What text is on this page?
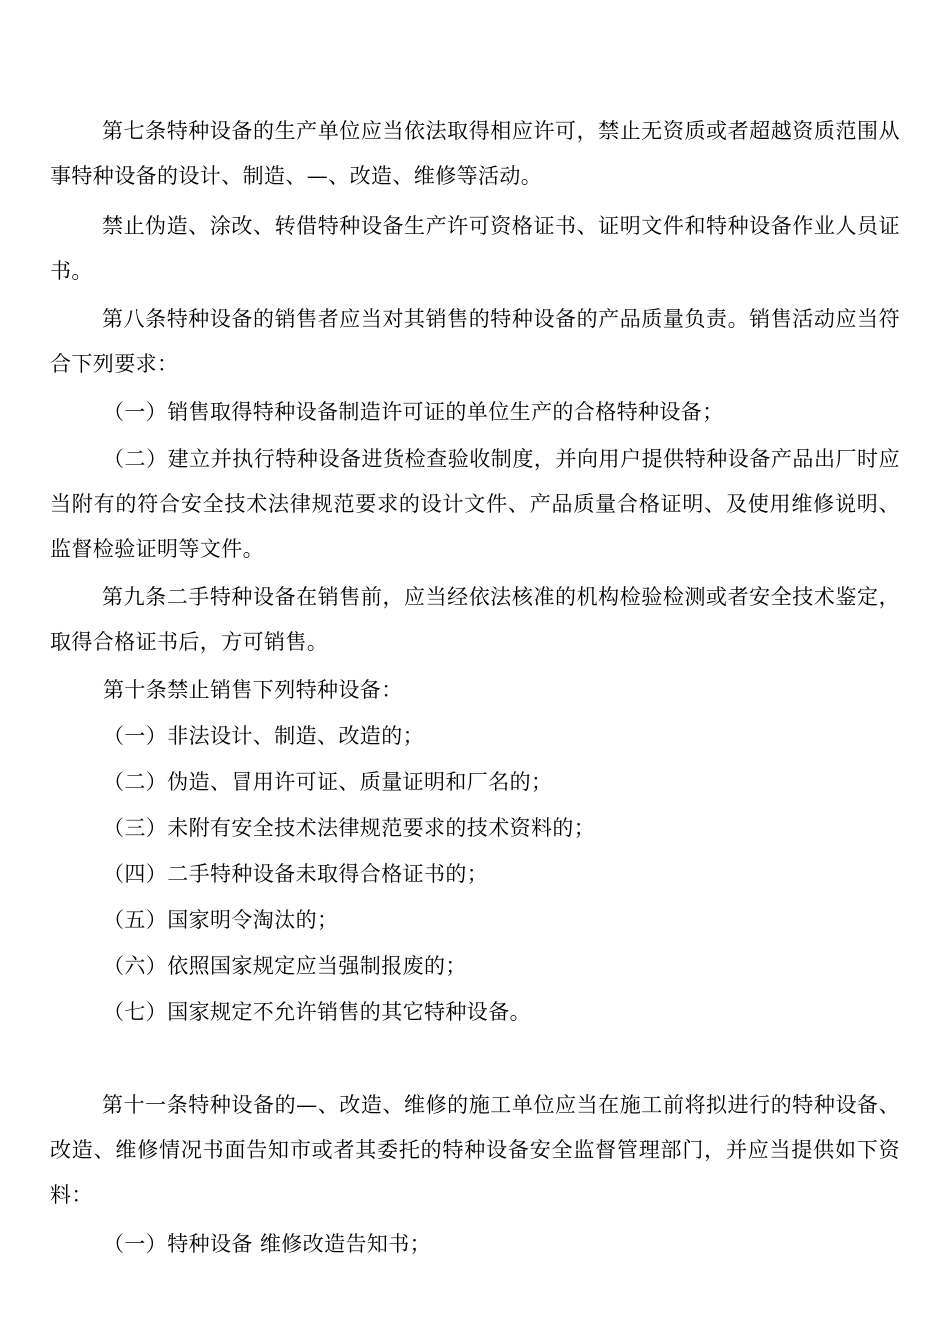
第七条特种设备的生产单位应当依法取得相应许可，禁止无资质或者超越资质范围从事特种设备的设计、制造、—、改造、维修等活动。

禁止伪造、涂改、转借特种设备生产许可资格证书、证明文件和特种设备作业人员证书。

第八条特种设备的销售者应当对其销售的特种设备的产品质量负责。销售活动应当符合下列要求：

（一）销售取得特种设备制造许可证的单位生产的合格特种设备；

（二）建立并执行特种设备进货检查验收制度，并向用户提供特种设备产品出厂时应当附有的符合安全技术法律规范要求的设计文件、产品质量合格证明、及使用维修说明、监督检验证明等文件。

第九条二手特种设备在销售前，应当经依法核准的机构检验检测或者安全技术鉴定，取得合格证书后，方可销售。

第十条禁止销售下列特种设备：

（一）非法设计、制造、改造的；

（二）伪造、冒用许可证、质量证明和厂名的；

（三）未附有安全技术法律规范要求的技术资料的；

（四）二手特种设备未取得合格证书的；

（五）国家明令淘汰的；

（六）依照国家规定应当强制报废的；

（七）国家规定不允许销售的其它特种设备。

第十一条特种设备的—、改造、维修的施工单位应当在施工前将拟进行的特种设备、改造、维修情况书面告知市或者其委托的特种设备安全监督管理部门，并应当提供如下资料：

（一）特种设备 维修改造告知书；
